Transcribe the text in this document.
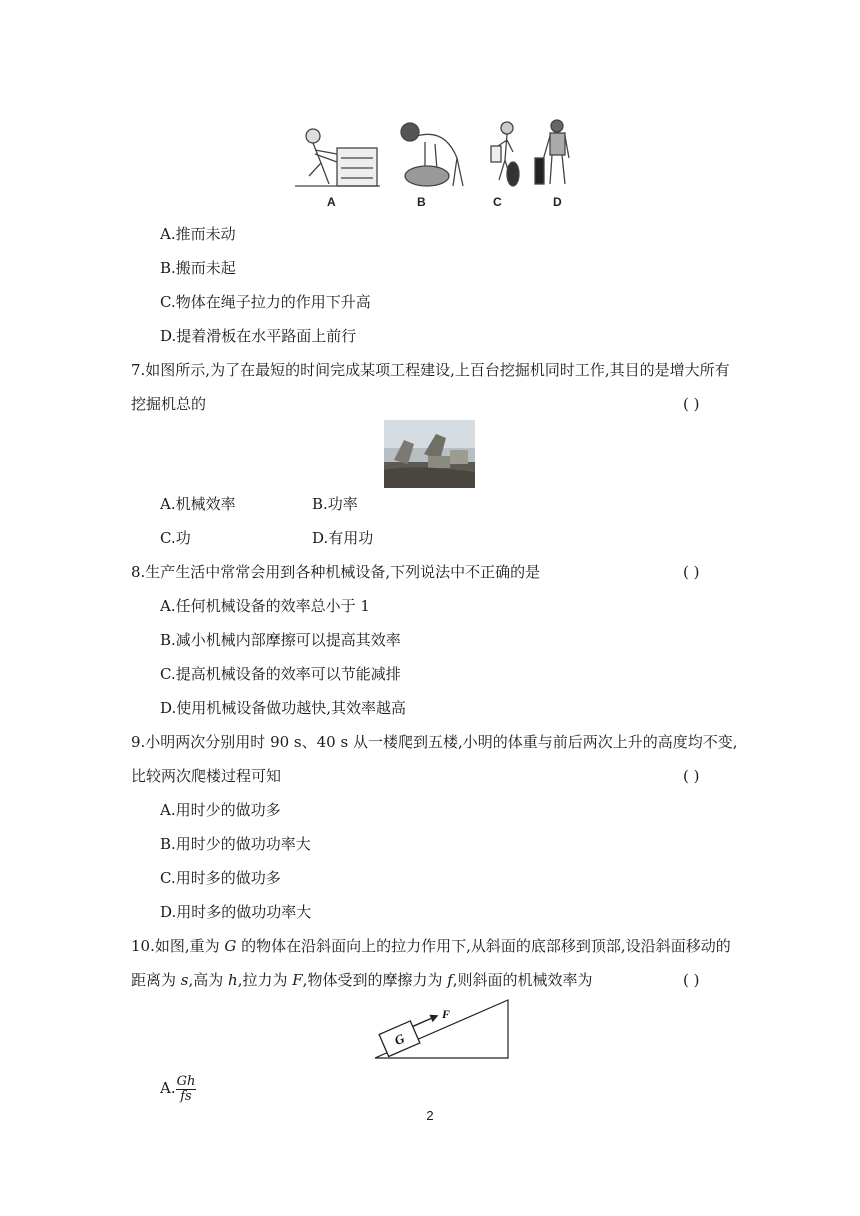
A	B	C	D
A.推而未动
B.搬而未起
C.物体在绳子拉力的作用下升高
D.提着滑板在水平路面上前行
7.如图所示,为了在最短的时间完成某项工程建设,上百台挖掘机同时工作,其目的是增大所有
挖掘机总的	( )
A.机械效率	B.功率
C.功	D.有用功
8.生产生活中常常会用到各种机械设备,下列说法中不正确的是	( )
A.任何机械设备的效率总小于 1
B.减小机械内部摩擦可以提高其效率
C.提高机械设备的效率可以节能减排
D.使用机械设备做功越快,其效率越高
9.小明两次分别用时 90 s、40 s 从一楼爬到五楼,小明的体重与前后两次上升的高度均不变,
比较两次爬楼过程可知	( )
A.用时少的做功多
B.用时少的做功功率大
C.用时多的做功多
D.用时多的做功功率大
10.如图,重为 G 的物体在沿斜面向上的拉力作用下,从斜面的底部移到顶部,设沿斜面移动的
距离为 s,高为 h,拉力为 F,物体受到的摩擦力为 f,则斜面的机械效率为	( )
G
F
A. $\frac{Gh}{fs}$
2
